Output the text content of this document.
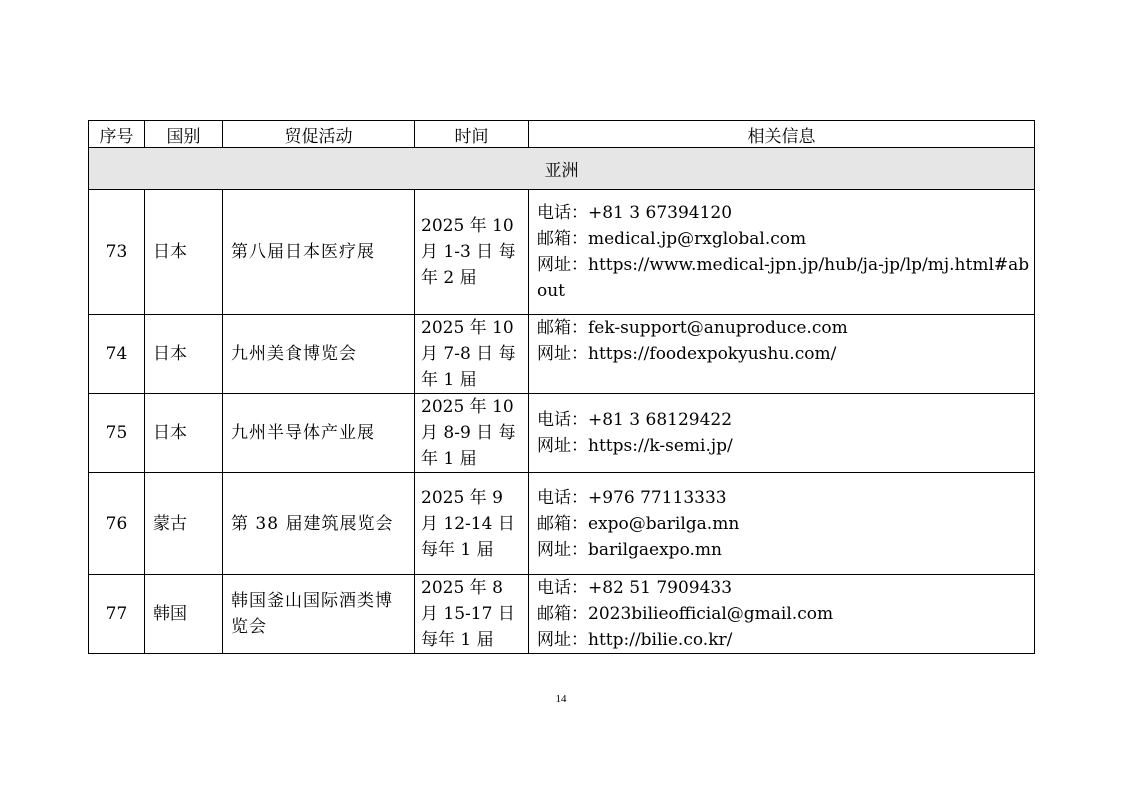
序号	国别	贸促活动	时间	相关信息
亚洲				
73	日本	第八届日本医疗展	2025 年 10 月 1-3 日 每年 2 届	电话：+81 3 67394120
邮箱：medical.jp@rxglobal.com
网址：https://www.medical-jpn.jp/hub/ja-jp/lp/mj.html#about

74	日本	九州美食博览会	2025 年 10 月 7-8 日 每年 1 届	邮箱：fek-support@anuproduce.com
网址：https://foodexpokyushu.com/

75	日本	九州半导体产业展	2025 年 10 月 8-9 日 每年 1 届	电话：+81 3 68129422
网址：https://k-semi.jp/

76	蒙古	第 38 届建筑展览会	2025 年 9 月 12-14 日 每年 1 届	电话：+976 77113333
邮箱：expo@barilga.mn
网址：barilgaexpo.mn

77	韩国	韩国釜山国际酒类博览会	2025 年 8 月 15-17 日 每年 1 届	电话：+82 51 7909433
邮箱：2023bilieofficial@gmail.com
网址：http://bilie.co.kr/
14
